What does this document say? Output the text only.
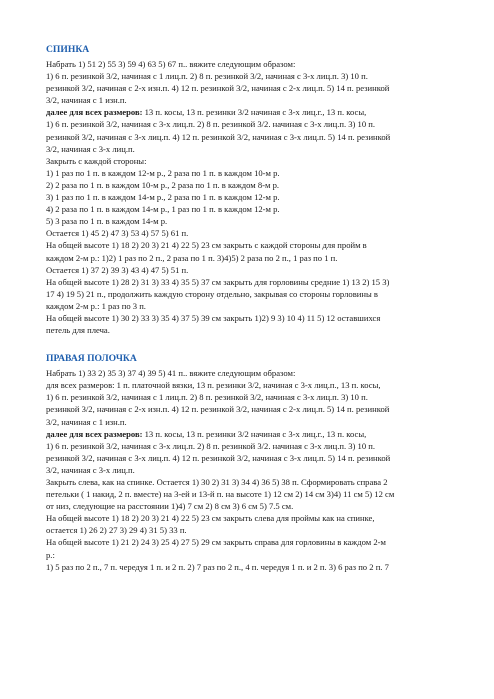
СПИНКА

Набрать 1) 51 2) 55 3) 59 4) 63 5) 67 п.. вяжите следующим образом:

1) 6 п. резинкой 3/2, начиная с 1 лиц.п. 2) 8 п. резинкой 3/2, начиная с 3-х лиц.п. 3) 10 п.

резинкой 3/2, начиная с 2-х изн.п. 4) 12 п. резинкой 3/2, начиная с 2-х лиц.п. 5) 14 п. резинкой

3/2, начиная с 1 изн.п.

далее для всех размеров: 13 п. косы, 13 п. резинки 3/2 начиная с 3-х лиц.г., 13 п. косы,

1) 6 п. резинкой 3/2, начиная с 3-х лиц.п. 2) 8 п. резинкой 3/2. начиная с 3-х лиц.п. 3) 10 п.

резинкой 3/2, начиная с 3-х лиц.п. 4) 12 п. резинкой 3/2, начиная с 3-х лиц.п. 5) 14 п. резинкой

3/2, начиная с 3-х лиц.п.

Закрыть с каждой стороны:

1) 1 раз по 1 п. в каждом 12-м р., 2 раза по 1 п. в каждом 10-м р.

2) 2 раза по 1 п. в каждом 10-м р., 2 раза по 1 п. в каждом 8-м р.

3) 1 раз по 1 п. в каждом 14-м р., 2 раза по 1 п. в каждом 12-м р.

4) 2 раза по 1 п. в каждом 14-м р., 1 раз по 1 п. в каждом 12-м р.

5) 3 раза по 1 п. в каждом 14-м р.

Остается 1) 45 2) 47 3) 53 4) 57 5) 61 п.

На общей высоте 1) 18 2) 20 3) 21 4) 22 5) 23 см закрыть с каждой стороны для пройм в

каждом 2-м р.: 1)2) 1 раз по 2 п., 2 раза по 1 п. 3)4)5) 2 раза по 2 п., 1 раз по 1 п.

Остается 1) 37 2) 39 3) 43 4) 47 5) 51 п.

На общей высоте 1) 28 2) 31 3) 33 4) 35 5) 37 см закрыть для горловины средние 1) 13 2) 15 3)

17 4) 19 5) 21 п., продолжить каждую сторону отдельно, закрывая со стороны горловины в

каждом 2-м р.: 1 раз по 3 п.

На общей высоте 1) 30 2) 33 3) 35 4) 37 5) 39 см закрыть 1)2) 9 3) 10 4) 11 5) 12 оставшихся

петель для плеча.

ПРАВАЯ ПОЛОЧКА

Набрать 1) 33 2) 35 3) 37 4) 39 5) 41 п.. вяжите следующим образом:

для всех размеров: 1 п. платочной вязки, 13 п. резинки 3/2, начиная с 3-х лиц.п., 13 п. косы,

1) 6 п. резинкой 3/2, начиная с 1 лиц.п. 2) 8 п. резинкой 3/2, начиная с 3-х лиц.п. 3) 10 п.

резинкой 3/2, начиная с 2-х изн.п. 4) 12 п. резинкой 3/2, начиная с 2-х лиц.п. 5) 14 п. резинкой

3/2, начиная с 1 изн.п.

далее для всех размеров: 13 п. косы, 13 п. резинки 3/2 начиная с 3-х лиц.г., 13 п. косы,

1) 6 п. резинкой 3/2, начиная с 3-х лиц.п. 2) 8 п. резинкой 3/2. начиная с 3-х лиц.п. 3) 10 п.

резинкой 3/2, начиная с 3-х лиц.п. 4) 12 п. резинкой 3/2, начиная с 3-х лиц.п. 5) 14 п. резинкой

3/2, начиная с 3-х лиц.п.

Закрыть слева, как на спинке. Остается 1) 30 2) 31 3) 34 4) 36 5) 38 п. Сформировать справа 2

петельки ( 1 накид, 2 п. вместе) на 3-ей и 13-й п. на высоте 1) 12 см 2) 14 см 3)4) 11 см 5) 12 см

от низ, следующие на расстоянии 1)4) 7 см 2) 8 см 3) 6 см 5) 7.5 см.

На общей высоте 1) 18 2) 20 3) 21 4) 22 5) 23 см закрыть слева для проймы как на спинке,

остается 1) 26 2) 27 3) 29 4) 31 5) 33 п.

На общей высоте 1) 21 2) 24 3) 25 4) 27 5) 29 см закрыть справа для горловины в каждом 2-м

р.:

1) 5 раз по 2 п., 7 п. чередуя 1 п. и 2 п. 2) 7 раз по 2 п., 4 п. чередуя 1 п. и 2 п. 3) 6 раз по 2 п. 7
